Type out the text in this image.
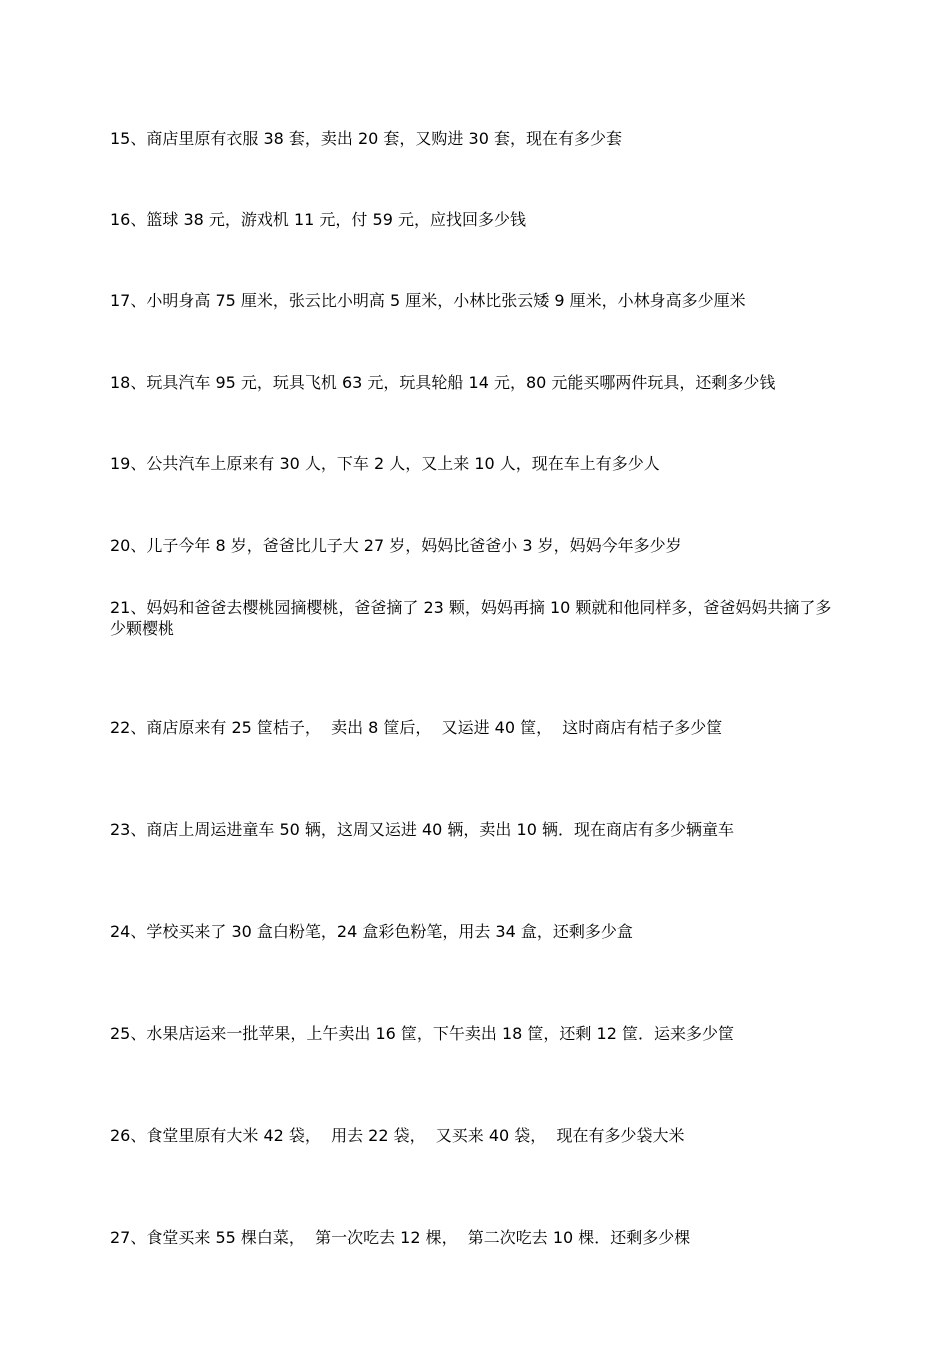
15、商店里原有衣服 38 套，卖出 20 套，又购进 30 套，现在有多少套
16、篮球 38 元，游戏机 11 元，付 59 元，应找回多少钱
17、小明身高 75 厘米，张云比小明高 5 厘米，小林比张云矮 9 厘米，小林身高多少厘米
18、玩具汽车 95 元，玩具飞机 63 元，玩具轮船 14 元，80 元能买哪两件玩具，还剩多少钱
19、公共汽车上原来有 30 人，下车 2 人，又上来 10 人，现在车上有多少人
20、儿子今年 8 岁，爸爸比儿子大 27 岁，妈妈比爸爸小 3 岁，妈妈今年多少岁
21、妈妈和爸爸去樱桃园摘樱桃，爸爸摘了 23 颗，妈妈再摘 10 颗就和他同样多，爸爸妈妈共摘了多少颗樱桃
22、商店原来有 25 筐桔子，  卖出 8 筐后，  又运进 40 筐，  这时商店有桔子多少筐
23、商店上周运进童车 50 辆，这周又运进 40 辆，卖出 10 辆．现在商店有多少辆童车
24、学校买来了 30 盒白粉笔，24 盒彩色粉笔，用去 34 盒，还剩多少盒
25、水果店运来一批苹果，上午卖出 16 筐，下午卖出 18 筐，还剩 12 筐．运来多少筐
26、食堂里原有大米 42 袋，  用去 22 袋，  又买来 40 袋，  现在有多少袋大米
27、食堂买来 55 棵白菜，  第一次吃去 12 棵，  第二次吃去 10 棵．还剩多少棵
